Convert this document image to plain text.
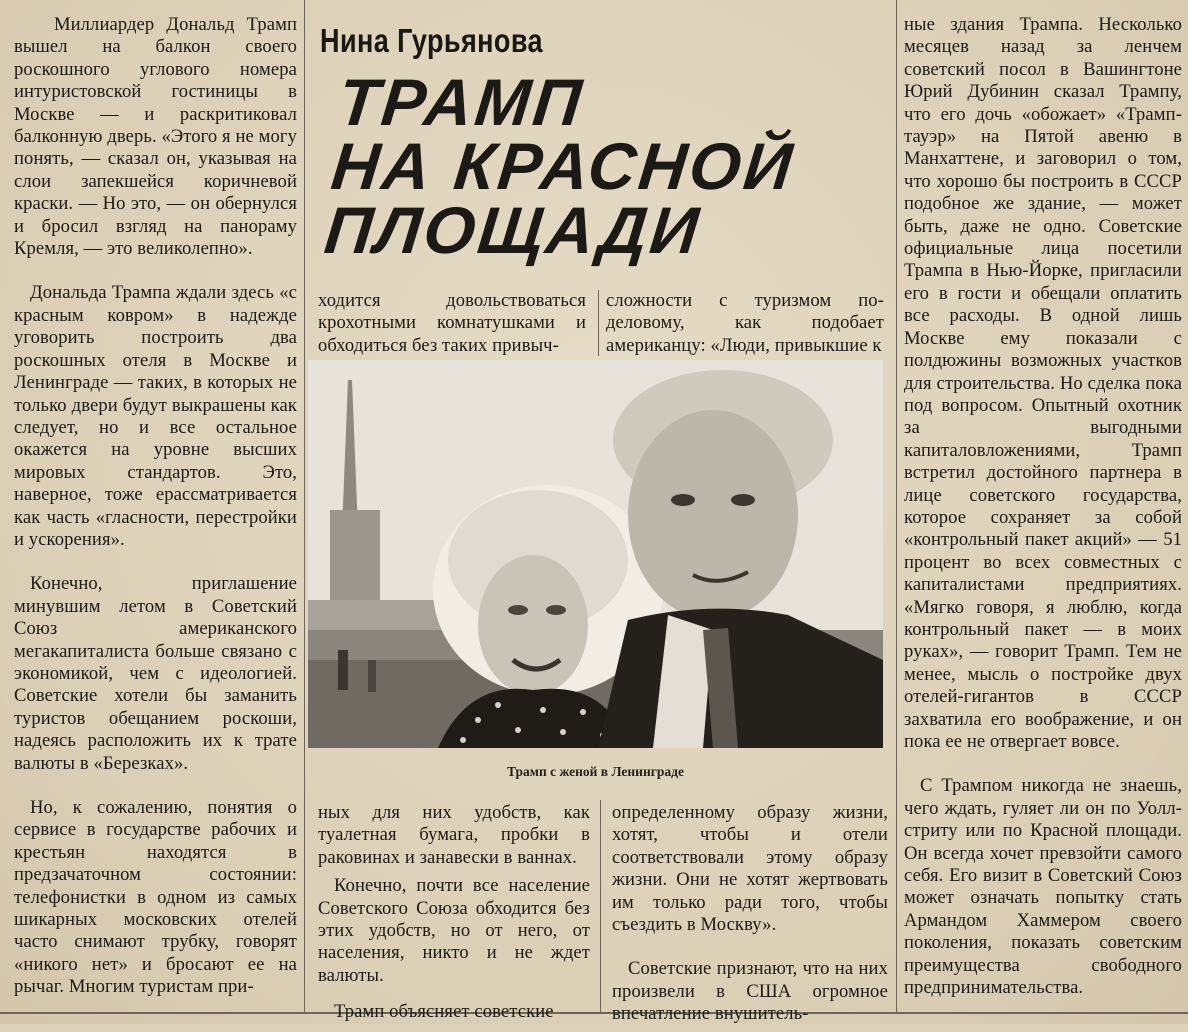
Миллиардер Дональд Трамп вышел на балкон своего роскошного углового номера интуристовской гостиницы в Москве — и раскритиковал балконную дверь. «Этого я не могу понять, — сказал он, указывая на слои запекшейся коричневой краски. — Но это, — он обернулся и бросил взгляд на панораму Кремля, — это великолепно».

Дональда Трампа ждали здесь «с красным ковром» в надежде уговорить построить два роскошных отеля в Москве и Ленинграде — таких, в которых не только двери будут выкрашены как следует, но и все остальное окажется на уровне высших мировых стандартов. Это, наверное, тоже ерассматривается как часть «гласности, перестройки и ускорения».

Конечно, приглашение минувшим летом в Советский Союз американского мегакапиталиста больше связано с экономикой, чем с идеологией. Советские хотели бы заманить туристов обещанием роскоши, надеясь расположить их к трате валюты в «Березках».

Но, к сожалению, понятия о сервисе в государстве рабочих и крестьян находятся в предзачаточном состоянии: телефонистки в одном из самых шикарных московских отелей часто снимают трубку, говорят «никого нет» и бросают ее на рычаг. Многим туристам при-

Нина Гурьянова
ТРАМП
НА КРАСНОЙ
ПЛОЩАДИ

ходится довольствоваться крохотными комнатушками и обходиться без таких привыч-

сложности с туризмом по-деловому, как подобает американцу: «Люди, привыкшие к

Трамп с женой в Ленинграде

ных для них удобств, как туалетная бумага, пробки в раковинах и занавески в ваннах.

Конечно, почти все население Советского Союза обходится без этих удобств, но от него, от населения, никто и не ждет валюты.

Трамп объясняет советские

определенному образу жизни, хотят, чтобы и отели соответствовали этому образу жизни. Они не хотят жертвовать им только ради того, чтобы съездить в Москву».

Советские признают, что на них произвели в США огромное впечатление внушитель-

ные здания Трампа. Несколько месяцев назад за ленчем советский посол в Вашингтоне Юрий Дубинин сказал Трампу, что его дочь «обожает» «Трамп-тауэр» на Пятой авеню в Манхаттене, и заговорил о том, что хорошо бы построить в СССР подобное же здание, — может быть, даже не одно. Советские официальные лица посетили Трампа в Нью-Йорке, пригласили его в гости и обещали оплатить все расходы. В одной лишь Москве ему показали с полдюжины возможных участков для строительства. Но сделка пока под вопросом. Опытный охотник за выгодными капиталовложениями, Трамп встретил достойного партнера в лице советского государства, которое сохраняет за собой «контрольный пакет акций» — 51 процент во всех совместных с капиталистами предприятиях. «Мягко говоря, я люблю, когда контрольный пакет — в моих руках», — говорит Трамп. Тем не менее, мысль о постройке двух отелей-гигантов в СССР захватила его воображение, и он пока ее не отвергает вовсе.

С Трампом никогда не знаешь, чего ждать, гуляет ли он по Уолл-стриту или по Красной площади. Он всегда хочет превзойти самого себя. Его визит в Советский Союз может означать попытку стать Армандом Хаммером своего поколения, показать советским преимущества свободного предпринимательства.
